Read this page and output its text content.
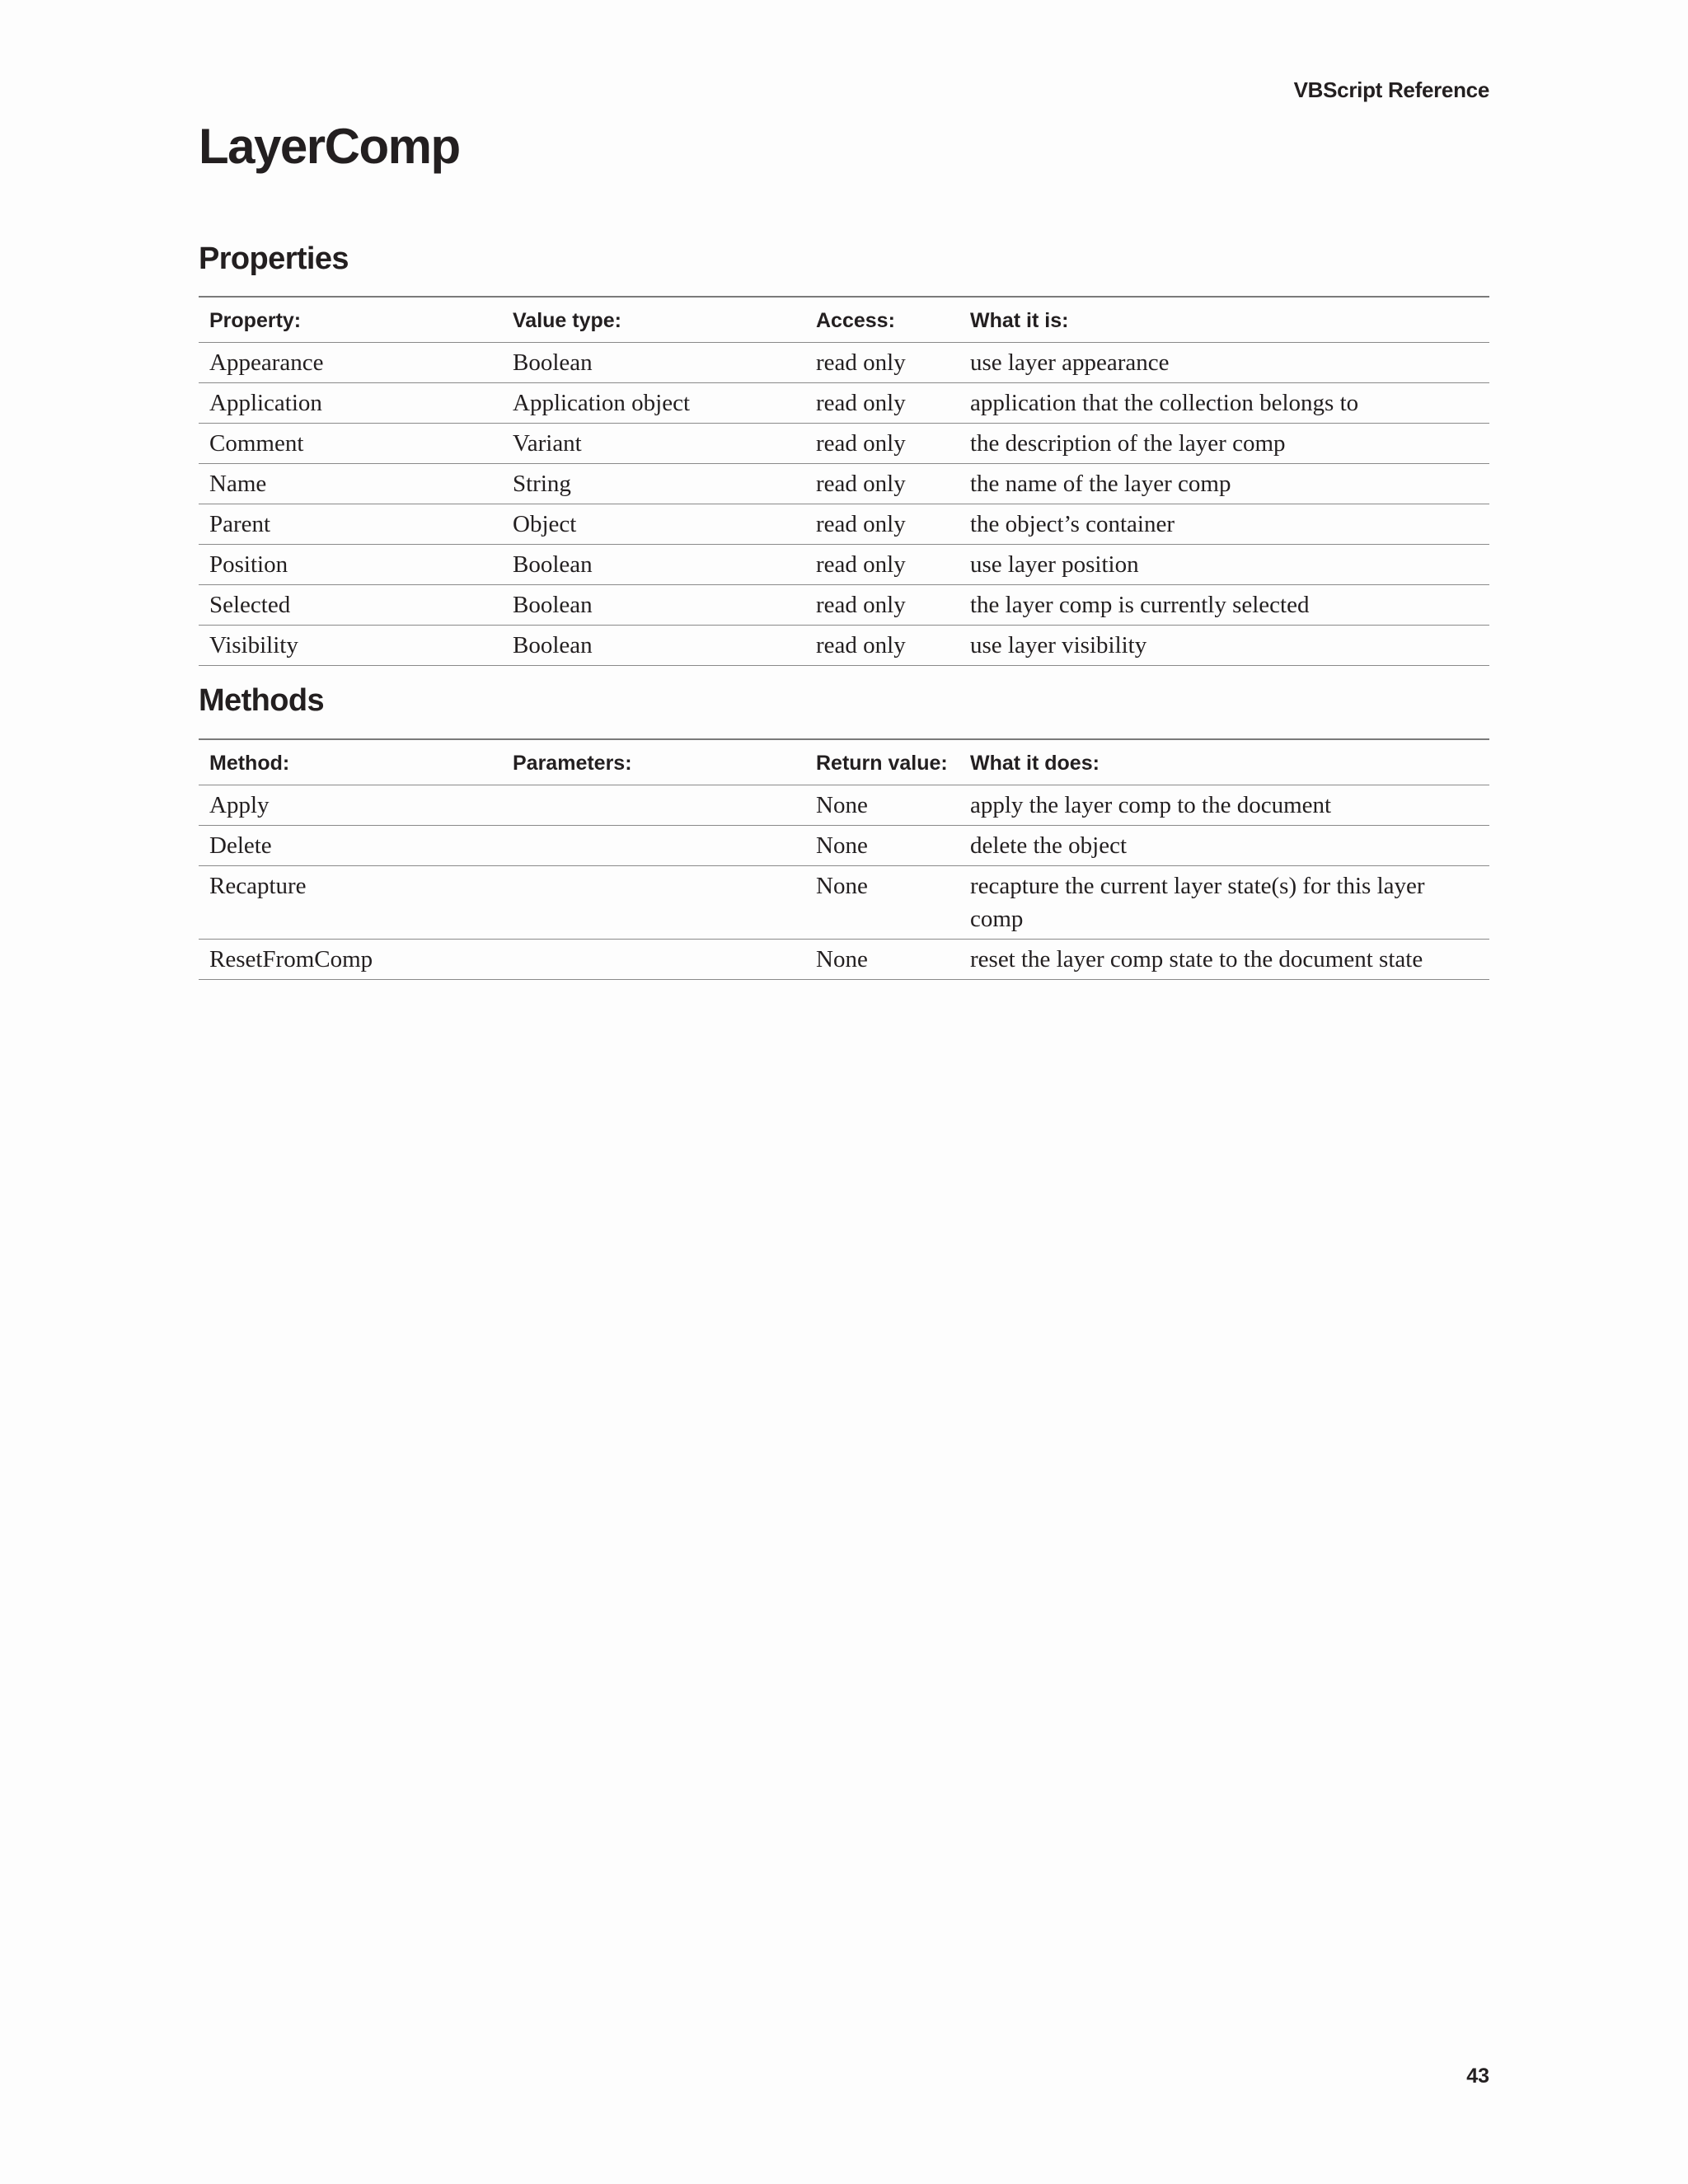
VBScript Reference
LayerComp
Properties
Property:	Value type:	Access:	What it is:
Appearance	Boolean	read only	use layer appearance
Application	Application object	read only	application that the collection belongs to
Comment	Variant	read only	the description of the layer comp
Name	String	read only	the name of the layer comp
Parent	Object	read only	the object’s container
Position	Boolean	read only	use layer position
Selected	Boolean	read only	the layer comp is currently selected
Visibility	Boolean	read only	use layer visibility
Methods
Method:	Parameters:	Return value:	What it does:
Apply		None	apply the layer comp to the document
Delete		None	delete the object
Recapture		None	recapture the current layer state(s) for this layer comp
ResetFromComp		None	reset the layer comp state to the document state
43
